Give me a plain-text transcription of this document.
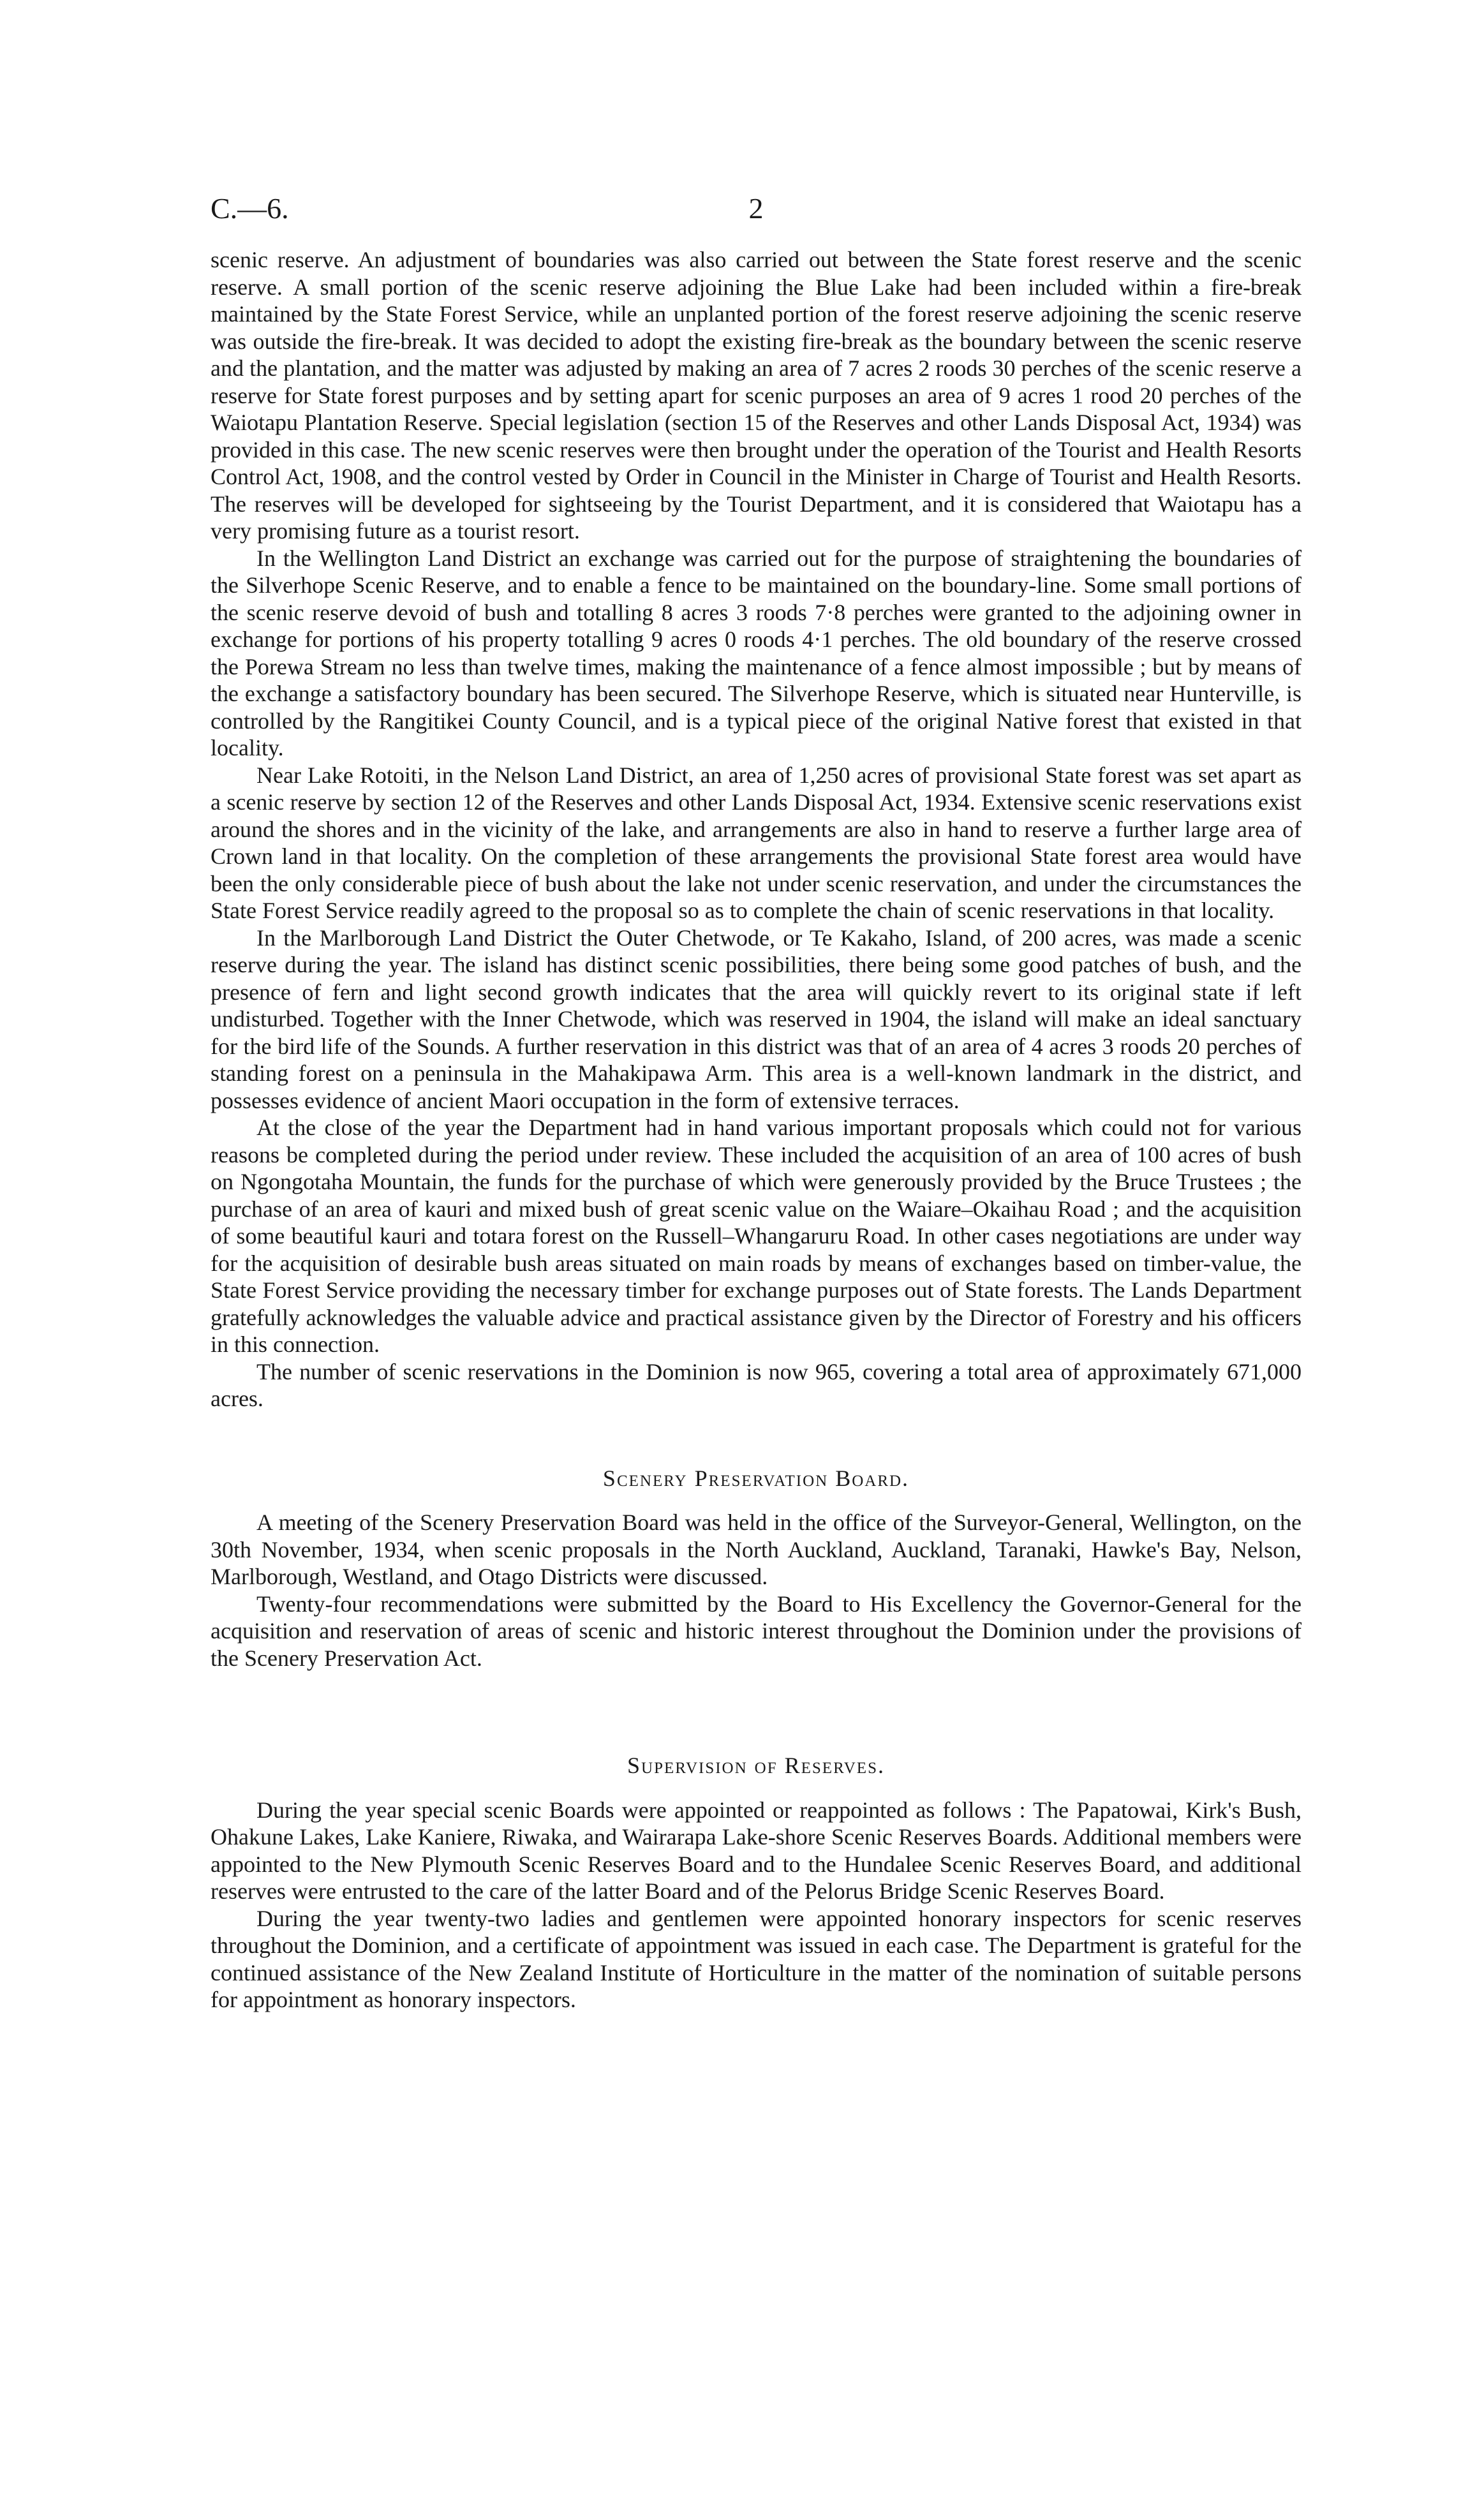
C.—6.	2

scenic reserve. An adjustment of boundaries was also carried out between the State forest reserve and the scenic reserve. A small portion of the scenic reserve adjoining the Blue Lake had been included within a fire-break maintained by the State Forest Service, while an unplanted portion of the forest reserve adjoining the scenic reserve was outside the fire-break. It was decided to adopt the existing fire-break as the boundary between the scenic reserve and the plantation, and the matter was adjusted by making an area of 7 acres 2 roods 30 perches of the scenic reserve a reserve for State forest purposes and by setting apart for scenic purposes an area of 9 acres 1 rood 20 perches of the Waiotapu Plantation Reserve. Special legislation (section 15 of the Reserves and other Lands Disposal Act, 1934) was provided in this case. The new scenic reserves were then brought under the operation of the Tourist and Health Resorts Control Act, 1908, and the control vested by Order in Council in the Minister in Charge of Tourist and Health Resorts. The reserves will be developed for sightseeing by the Tourist Department, and it is considered that Waiotapu has a very promising future as a tourist resort.

In the Wellington Land District an exchange was carried out for the purpose of straightening the boundaries of the Silverhope Scenic Reserve, and to enable a fence to be maintained on the boundary-line. Some small portions of the scenic reserve devoid of bush and totalling 8 acres 3 roods 7·8 perches were granted to the adjoining owner in exchange for portions of his property totalling 9 acres 0 roods 4·1 perches. The old boundary of the reserve crossed the Porewa Stream no less than twelve times, making the maintenance of a fence almost impossible ; but by means of the exchange a satisfactory boundary has been secured. The Silverhope Reserve, which is situated near Hunterville, is controlled by the Rangitikei County Council, and is a typical piece of the original Native forest that existed in that locality.

Near Lake Rotoiti, in the Nelson Land District, an area of 1,250 acres of provisional State forest was set apart as a scenic reserve by section 12 of the Reserves and other Lands Disposal Act, 1934. Extensive scenic reservations exist around the shores and in the vicinity of the lake, and arrangements are also in hand to reserve a further large area of Crown land in that locality. On the completion of these arrangements the provisional State forest area would have been the only considerable piece of bush about the lake not under scenic reservation, and under the circumstances the State Forest Service readily agreed to the proposal so as to complete the chain of scenic reservations in that locality.

In the Marlborough Land District the Outer Chetwode, or Te Kakaho, Island, of 200 acres, was made a scenic reserve during the year. The island has distinct scenic possibilities, there being some good patches of bush, and the presence of fern and light second growth indicates that the area will quickly revert to its original state if left undisturbed. Together with the Inner Chetwode, which was reserved in 1904, the island will make an ideal sanctuary for the bird life of the Sounds. A further reservation in this district was that of an area of 4 acres 3 roods 20 perches of standing forest on a peninsula in the Mahakipawa Arm. This area is a well-known landmark in the district, and possesses evidence of ancient Maori occupation in the form of extensive terraces.

At the close of the year the Department had in hand various important proposals which could not for various reasons be completed during the period under review. These included the acquisition of an area of 100 acres of bush on Ngongotaha Mountain, the funds for the purchase of which were generously provided by the Bruce Trustees ; the purchase of an area of kauri and mixed bush of great scenic value on the Waiare–Okaihau Road ; and the acquisition of some beautiful kauri and totara forest on the Russell–Whangaruru Road. In other cases negotiations are under way for the acquisition of desirable bush areas situated on main roads by means of exchanges based on timber-value, the State Forest Service providing the necessary timber for exchange purposes out of State forests. The Lands Department gratefully acknowledges the valuable advice and practical assistance given by the Director of Forestry and his officers in this connection.

The number of scenic reservations in the Dominion is now 965, covering a total area of approximately 671,000 acres.

Scenery Preservation Board.

A meeting of the Scenery Preservation Board was held in the office of the Surveyor-General, Wellington, on the 30th November, 1934, when scenic proposals in the North Auckland, Auckland, Taranaki, Hawke's Bay, Nelson, Marlborough, Westland, and Otago Districts were discussed.

Twenty-four recommendations were submitted by the Board to His Excellency the Governor-General for the acquisition and reservation of areas of scenic and historic interest throughout the Dominion under the provisions of the Scenery Preservation Act.

Supervision of Reserves.

During the year special scenic Boards were appointed or reappointed as follows : The Papatowai, Kirk's Bush, Ohakune Lakes, Lake Kaniere, Riwaka, and Wairarapa Lake-shore Scenic Reserves Boards. Additional members were appointed to the New Plymouth Scenic Reserves Board and to the Hundalee Scenic Reserves Board, and additional reserves were entrusted to the care of the latter Board and of the Pelorus Bridge Scenic Reserves Board.

During the year twenty-two ladies and gentlemen were appointed honorary inspectors for scenic reserves throughout the Dominion, and a certificate of appointment was issued in each case. The Department is grateful for the continued assistance of the New Zealand Institute of Horticulture in the matter of the nomination of suitable persons for appointment as honorary inspectors.
